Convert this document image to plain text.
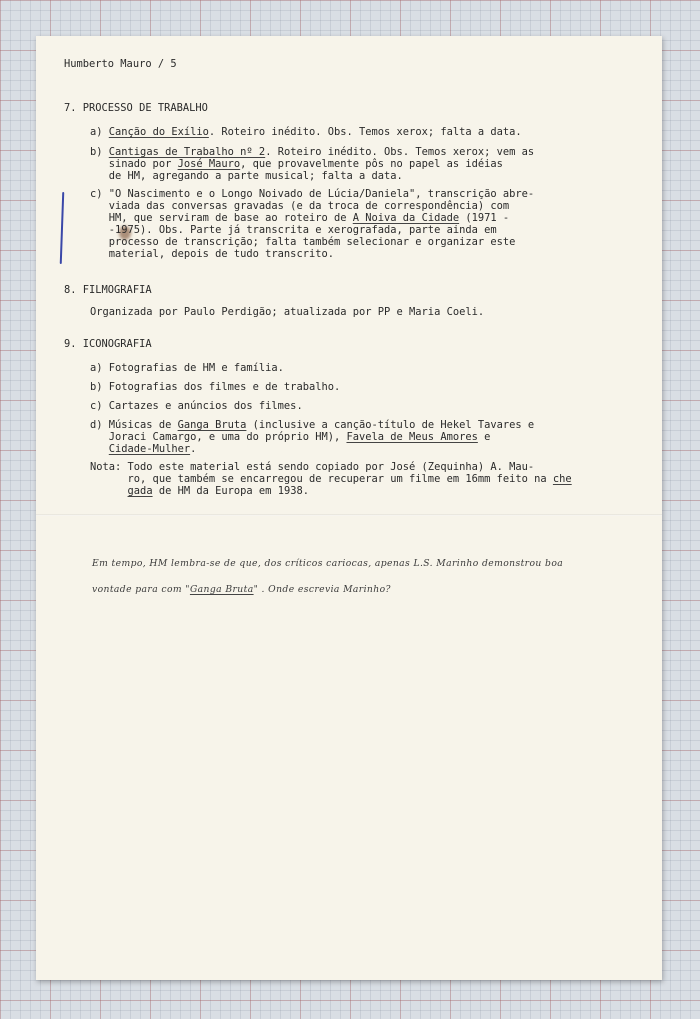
Humberto Mauro / 5
7. PROCESSO DE TRABALHO
a) Canção do Exílio. Roteiro inédito. Obs. Temos xerox; falta a data.
b) Cantigas de Trabalho nº 2. Roteiro inédito. Obs. Temos xerox; vem as
sinado por José Mauro, que provavelmente pôs no papel as idéias
de HM, agregando a parte musical; falta a data.
c) "O Nascimento e o Longo Noivado de Lúcia/Daniela", transcrição abre-
viada das conversas gravadas (e da troca de correspondência) com
HM, que serviram de base ao roteiro de A Noiva da Cidade (1971 -
-1975). Obs. Parte já transcrita e xerografada, parte ainda em
processo de transcrição; falta também selecionar e organizar este
material, depois de tudo transcrito.
8. FILMOGRAFIA
Organizada por Paulo Perdigão; atualizada por PP e Maria Coeli.
9. ICONOGRAFIA
a) Fotografias de HM e família.
b) Fotografias dos filmes e de trabalho.
c) Cartazes e anúncios dos filmes.
d) Músicas de Ganga Bruta (inclusive a canção-título de Hekel Tavares e
Joraci Camargo, e uma do próprio HM), Favela de Meus Amores e
Cidade-Mulher.
Nota: Todo este material está sendo copiado por José (Zequinha) A. Mau-
ro, que também se encarregou de recuperar um filme em 16mm feito na che
gada de HM da Europa em 1938.
Em tempo, HM lembra-se de que, dos críticos cariocas, apenas L.S. Marinho demonstrou boa
vontade para com "Ganga Bruta" . Onde escrevia Marinho?
